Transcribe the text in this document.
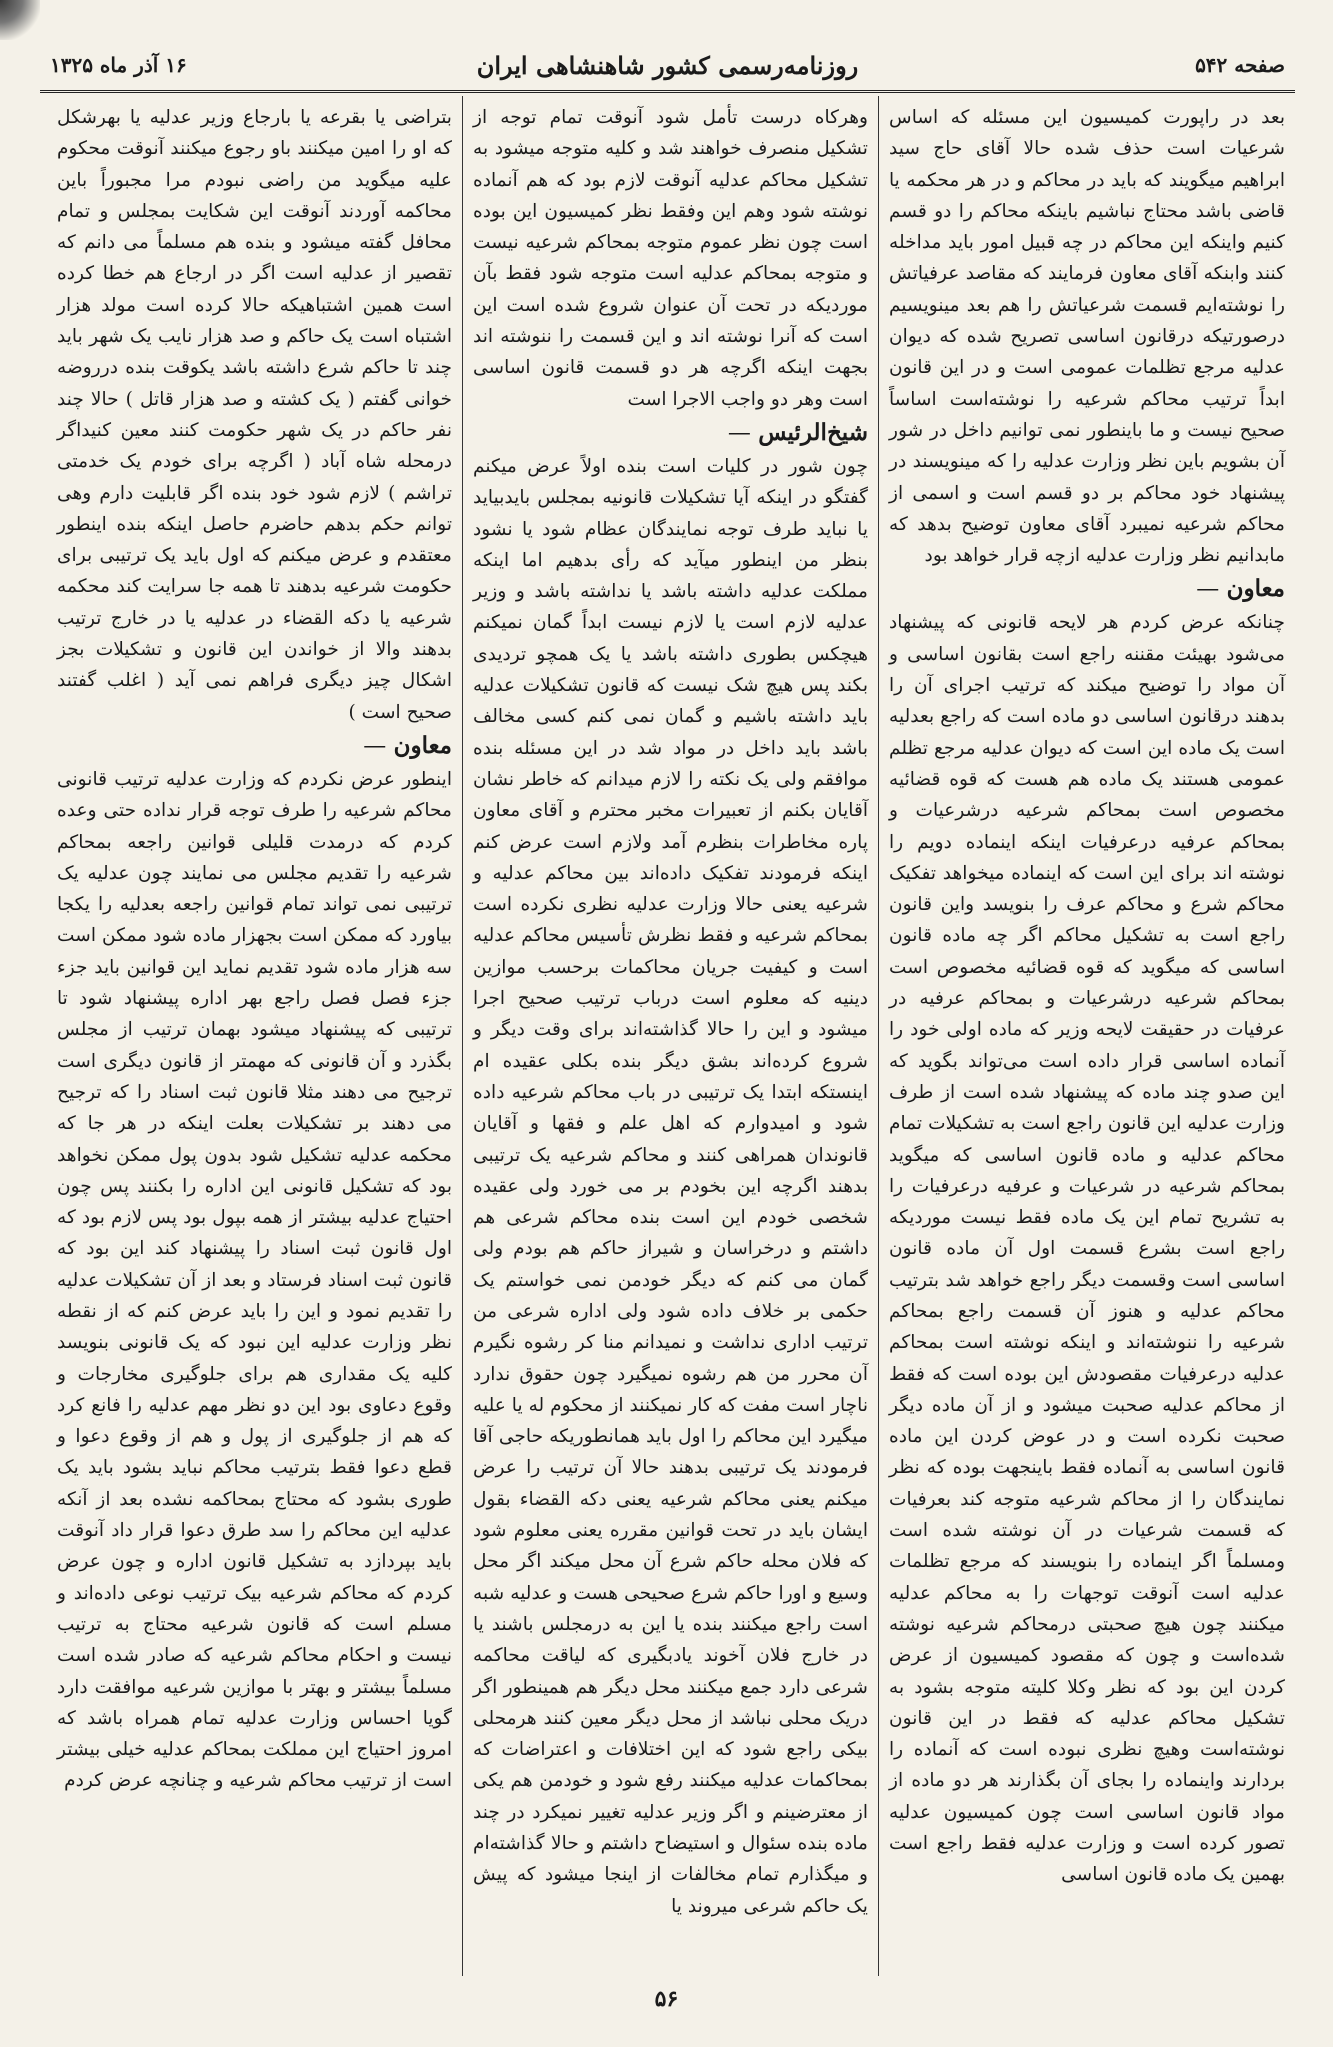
صفحه ۵۴۲
روزنامه‌رسمی کشور شاهنشاهی ایران
۱۶ آذر ماه ۱۳۲۵

بعد در راپورت کمیسیون این مسئله که اساس شرعیات است حذف شده حالا آقای حاج سید ابراهیم میگویند که باید در محاکم و در هر محکمه یا قاضی باشد محتاج نباشیم باینکه محاکم را دو قسم کنیم واینکه این محاکم در چه قبیل امور باید مداخله کنند وابنکه آقای معاون فرمایند که مقاصد عرفیاتش را نوشته‌ایم قسمت شرعیاتش را هم بعد مینویسیم درصورتیکه درقانون اساسی تصریح شده که دیوان عدلیه مرجع تظلمات عمومی است و در این قانون ابداً ترتیب محاکم شرعیه را نوشته‌است اساساً صحیح نیست و ما باینطور نمی توانیم داخل در شور آن بشویم باین نظر وزارت عدلیه را که مینویسند در پیشنهاد خود محاکم بر دو قسم است و اسمی از محاکم شرعیه نمیبرد آقای معاون توضیح بدهد که مابدانیم نظر وزارت عدلیه ازچه قرار خواهد بود

معاون —

چنانکه عرض کردم هر لایحه قانونی که پیشنهاد می‌شود بهیئت مقننه راجع است بقانون اساسی و آن مواد را توضیح میکند که ترتیب اجرای آن را بدهند درقانون اساسی دو ماده است که راجع بعدلیه است یک ماده این است که دیوان عدلیه مرجع تظلم عمومی هستند یک ماده هم هست که قوه قضائیه مخصوص است بمحاکم شرعیه درشرعیات و بمحاکم عرفیه درعرفیات اینکه اینماده دویم را نوشته اند برای این است که اینماده میخواهد تفکیک محاکم شرع و محاکم عرف را بنویسد واین قانون راجع است به تشکیل محاکم اگر چه ماده قانون اساسی که میگوید که قوه قضائیه مخصوص است بمحاکم شرعیه درشرعیات و بمحاکم عرفیه در عرفیات در حقیقت لایحه وزیر که ماده اولی خود را آنماده اساسی قرار داده است می‌تواند بگوید که این صدو چند ماده که پیشنهاد شده است از طرف وزارت عدلیه این قانون راجع است به تشکیلات تمام محاکم عدلیه و ماده قانون اساسی که میگوید بمحاکم شرعیه در شرعیات و عرفیه درعرفیات را به تشریح تمام این یک ماده فقط نیست موردیکه راجع است بشرع قسمت اول آن ماده قانون اساسی است وقسمت دیگر راجع خواهد شد بترتیب محاکم عدلیه و هنوز آن قسمت راجع بمحاکم شرعیه را ننوشته‌اند و اینکه نوشته است بمحاکم عدلیه درعرفیات مقصودش این بوده است که فقط از محاکم عدلیه صحبت میشود و از آن ماده دیگر صحبت نکرده است و در عوض کردن این ماده قانون اساسی به آنماده فقط باینجهت بوده که نظر نمایندگان را از محاکم شرعیه متوجه کند بعرفیات که قسمت شرعیات در آن نوشته شده است ومسلماً اگر اینماده را بنویسند که مرجع تظلمات عدلیه است آنوقت توجهات را به محاکم عدلیه میکنند چون هیچ صحبتی درمحاکم شرعیه نوشته شده‌است و چون که مقصود کمیسیون از عرض کردن این بود که نظر وکلا کلیته متوجه بشود به تشکیل محاکم عدلیه که فقط در این قانون نوشته‌است وهیچ نظری نبوده است که آنماده را بردارند واینماده را بجای آن بگذارند هر دو ماده از مواد قانون اساسی است چون کمیسیون عدلیه تصور کرده است و وزارت عدلیه فقط راجع است بهمین یک ماده قانون اساسی

وهرکاه درست تأمل شود آنوقت تمام توجه از تشکیل منصرف خواهند شد و کلیه متوجه میشود به تشکیل محاکم عدلیه آنوقت لازم بود که هم آنماده نوشته شود وهم این وفقط نظر کمیسیون این بوده است چون نظر عموم متوجه بمحاکم شرعیه نیست و متوجه بمحاکم عدلیه است متوجه شود فقط بآن موردیکه در تحت آن عنوان شروع شده است این است که آنرا نوشته اند و این قسمت را ننوشته اند بجهت اینکه اگرچه هر دو قسمت قانون اساسی است وهر دو واجب الاجرا است

شیخ‌الرئیس —

چون شور در کلیات است بنده اولاً عرض میکنم گفتگو در اینکه آیا تشکیلات قانونیه بمجلس بایدبیاید یا نباید طرف توجه نمایندگان عظام شود یا نشود بنظر من اینطور میآید که رأی بدهیم اما اینکه مملکت عدلیه داشته باشد یا نداشته باشد و وزیر عدلیه لازم است یا لازم نیست ابداً گمان نمیکنم هیچکس بطوری داشته باشد یا یک همچو تردیدی بکند پس هیچ شک نیست که قانون تشکیلات عدلیه باید داشته باشیم و گمان نمی کنم کسی مخالف باشد باید داخل در مواد شد در این مسئله بنده موافقم ولی یک نکته را لازم میدانم که خاطر نشان آقایان بکنم از تعبیرات مخبر محترم و آقای معاون پاره مخاطرات بنظرم آمد ولازم است عرض کنم اینکه فرمودند تفکیک داده‌اند بین محاکم عدلیه و شرعیه یعنی حالا وزارت عدلیه نظری نکرده است بمحاکم شرعیه و فقط نظرش تأسیس محاکم عدلیه است و کیفیت جریان محاکمات برحسب موازین دینیه که معلوم است درباب ترتیب صحیح اجرا میشود و این را حالا گذاشته‌اند برای وقت دیگر و شروع کرده‌اند بشق دیگر بنده بکلی عقیده ام اینستکه ابتدا یک ترتیبی در باب محاکم شرعیه داده شود و امیدوارم که اهل علم و فقها و آقایان قانوندان همراهی کنند و محاکم شرعیه یک ترتیبی بدهند اگرچه این بخودم بر می خورد ولی عقیده شخصی خودم این است بنده محاکم شرعی هم داشتم و درخراسان و شیراز حاکم هم بودم ولی گمان می کنم که دیگر خودمن نمی خواستم یک حکمی بر خلاف داده شود ولی اداره شرعی من ترتیب اداری نداشت و نمیدانم منا کر رشوه نگیرم آن محرر من هم رشوه نمیگیرد چون حقوق ندارد ناچار است مفت که کار نمیکنند از محکوم له یا علیه میگیرد این محاکم را اول باید همانطوریکه حاجی آقا فرمودند یک ترتیبی بدهند حالا آن ترتیب را عرض میکنم یعنی محاکم شرعیه یعنی دکه القضاء بقول ایشان باید در تحت قوانین مقرره یعنی معلوم شود که فلان محله حاکم شرع آن محل میکند اگر محل وسیع و اورا حاکم شرع صحیحی هست و عدلیه شبه است راجع میکنند بنده یا این به درمجلس باشند یا در خارج فلان آخوند یادبگیری که لیاقت محاکمه شرعی دارد جمع میکنند محل دیگر هم همینطور اگر دریک محلی نباشد از محل دیگر معین کنند هرمحلی بیکی راجع شود که این اختلافات و اعتراضات که بمحاکمات عدلیه میکنند رفع شود و خودمن هم یکی از معترضینم و اگر وزیر عدلیه تغییر نمیکرد در چند ماده بنده سئوال و استیضاح داشتم و حالا گذاشته‌ام و میگذارم تمام مخالفات از اینجا میشود که پیش یک حاکم شرعی میروند یا

بتراضی یا بقرعه یا بارجاع وزیر عدلیه یا بهرشکل که او را امین میکنند باو رجوع میکنند آنوقت محکوم علیه میگوید من راضی نبودم مرا مجبوراً باین محاکمه آوردند آنوقت این شکایت بمجلس و تمام محافل گفته میشود و بنده هم مسلماً می دانم که تقصیر از عدلیه است اگر در ارجاع هم خطا کرده است همین اشتباهیکه حالا کرده است مولد هزار اشتباه است یک حاکم و صد هزار نایب یک شهر باید چند تا حاکم شرع داشته باشد یکوقت بنده درروضه خوانی گفتم ( یک کشته و صد هزار قاتل ) حالا چند نفر حاکم در یک شهر حکومت کنند معین کنیداگر درمحله شاه آباد ( اگرچه برای خودم یک خدمتی تراشم ) لازم شود خود بنده اگر قابلیت دارم وهی توانم حکم بدهم حاضرم حاصل اینکه بنده اینطور معتقدم و عرض میکنم که اول باید یک ترتیبی برای حکومت شرعیه بدهند تا همه جا سرایت کند محکمه شرعیه یا دکه القضاء در عدلیه یا در خارج ترتیب بدهند والا از خواندن این قانون و تشکیلات بجز اشکال چیز دیگری فراهم نمی آید ( اغلب گفتند صحیح است )

معاون —

اینطور عرض نکردم که وزارت عدلیه ترتیب قانونی محاکم شرعیه را طرف توجه قرار نداده حتی وعده کردم که درمدت قلیلی قوانین راجعه بمحاکم شرعیه را تقدیم مجلس می نمایند چون عدلیه یک ترتیبی نمی تواند تمام قوانین راجعه بعدلیه را یکجا بیاورد که ممکن است بجهزار ماده شود ممکن است سه هزار ماده شود تقدیم نماید این قوانین باید جزء جزء فصل فصل راجع بهر اداره پیشنهاد شود تا ترتیبی که پیشنهاد میشود بهمان ترتیب از مجلس بگذرد و آن قانونی که مهمتر از قانون دیگری است ترجیح می دهند مثلا قانون ثبت اسناد را که ترجیح می دهند بر تشکیلات بعلت اینکه در هر جا که محکمه عدلیه تشکیل شود بدون پول ممکن نخواهد بود که تشکیل قانونی این اداره را بکنند پس چون احتیاج عدلیه بیشتر از همه بپول بود پس لازم بود که اول قانون ثبت اسناد را پیشنهاد کند این بود که قانون ثبت اسناد فرستاد و بعد از آن تشکیلات عدلیه را تقدیم نمود و این را باید عرض کنم که از نقطه نظر وزارت عدلیه این نبود که یک قانونی بنویسد کلیه یک مقداری هم برای جلوگیری مخارجات و وقوع دعاوی بود این دو نظر مهم عدلیه را فانع کرد که هم از جلوگیری از پول و هم از وقوع دعوا و قطع دعوا فقط بترتیب محاکم نباید بشود باید یک طوری بشود که محتاج بمحاکمه نشده بعد از آنکه عدلیه این محاکم را سد طرق دعوا قرار داد آنوقت باید بپردازد به تشکیل قانون اداره و چون عرض کردم که محاکم شرعیه بیک ترتیب نوعی داده‌اند و مسلم است که قانون شرعیه محتاج به ترتیب نیست و احکام محاکم شرعیه که صادر شده است مسلماً بیشتر و بهتر با موازین شرعیه موافقت دارد گویا احساس وزارت عدلیه تمام همراه باشد که امروز احتیاج این مملکت بمحاکم عدلیه خیلی بیشتر است از ترتیب محاکم شرعیه و چنانچه عرض کردم

۵۶
